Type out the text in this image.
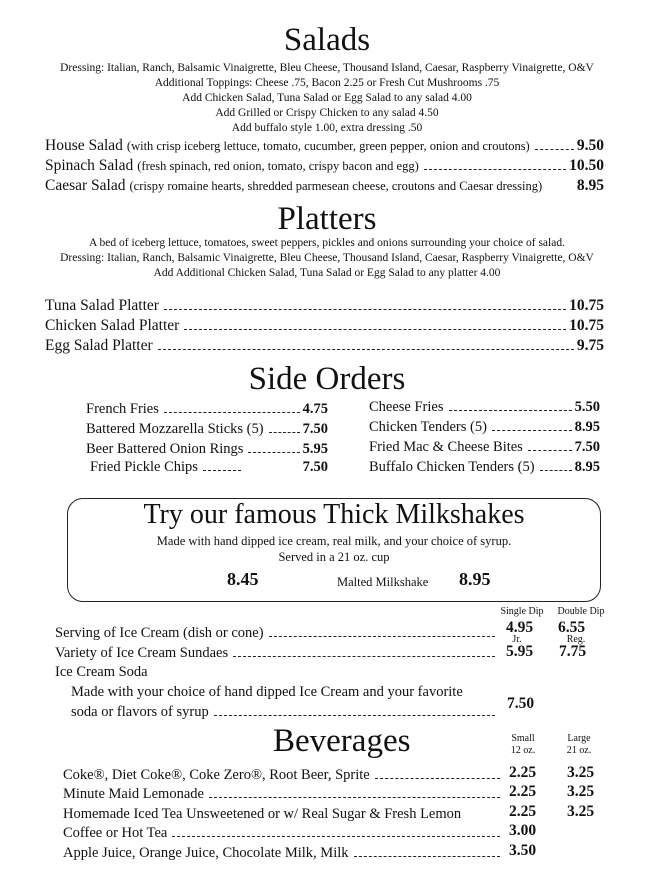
Salads
Dressing: Italian, Ranch, Balsamic Vinaigrette, Bleu Cheese, Thousand Island, Caesar, Raspberry Vinaigrette, O&V
Additional Toppings: Cheese .75, Bacon 2.25 or Fresh Cut Mushrooms .75
Add Chicken Salad, Tuna Salad or Egg Salad to any salad 4.00
Add Grilled or Crispy Chicken to any salad 4.50
Add buffalo style 1.00, extra dressing .50
House Salad (with crisp iceberg lettuce, tomato, cucumber, green pepper, onion and croutons)	9.50
Spinach Salad (fresh spinach, red onion, tomato, crispy bacon and egg)	10.50
Caesar Salad (crispy romaine hearts, shredded parmesean cheese, croutons and Caesar dressing) 8.95
Platters
A bed of iceberg lettuce, tomatoes, sweet peppers, pickles and onions surrounding your choice of salad.
Dressing: Italian, Ranch, Balsamic Vinaigrette, Bleu Cheese, Thousand Island, Caesar, Raspberry Vinaigrette, O&V
Add Additional Chicken Salad, Tuna Salad or Egg Salad to any platter 4.00
Tuna Salad Platter	10.75
Chicken Salad Platter	10.75
Egg Salad Platter	9.75
Side Orders
French Fries	4.75
Battered Mozzarella Sticks (5)	7.50
Beer Battered Onion Rings	5.95
Fried Pickle Chips	7.50
Cheese Fries	5.50
Chicken Tenders (5)	8.95
Fried Mac & Cheese Bites	7.50
Buffalo Chicken Tenders (5)	8.95
Try our famous Thick Milkshakes
Made with hand dipped ice cream, real milk, and your choice of syrup.
Served in a 21 oz. cup
8.45	Malted Milkshake 8.95
Single Dip	Double Dip
Serving of Ice Cream (dish or cone)	4.95 6.55
Jr.	Reg.
Variety of Ice Cream Sundaes	5.95 7.75
Ice Cream Soda
Made with your choice of hand dipped Ice Cream and your favorite
soda or flavors of syrup	7.50
Beverages	Small
12 oz.
Large
21 oz.
Coke®, Diet Coke®, Coke Zero®, Root Beer, Sprite	2.25 3.25
Minute Maid Lemonade	2.25 3.25
Homemade Iced Tea Unsweetened or w/ Real Sugar & Fresh Lemon	2.25 3.25
Coffee or Hot Tea	3.00
Apple Juice, Orange Juice, Chocolate Milk, Milk	3.50
